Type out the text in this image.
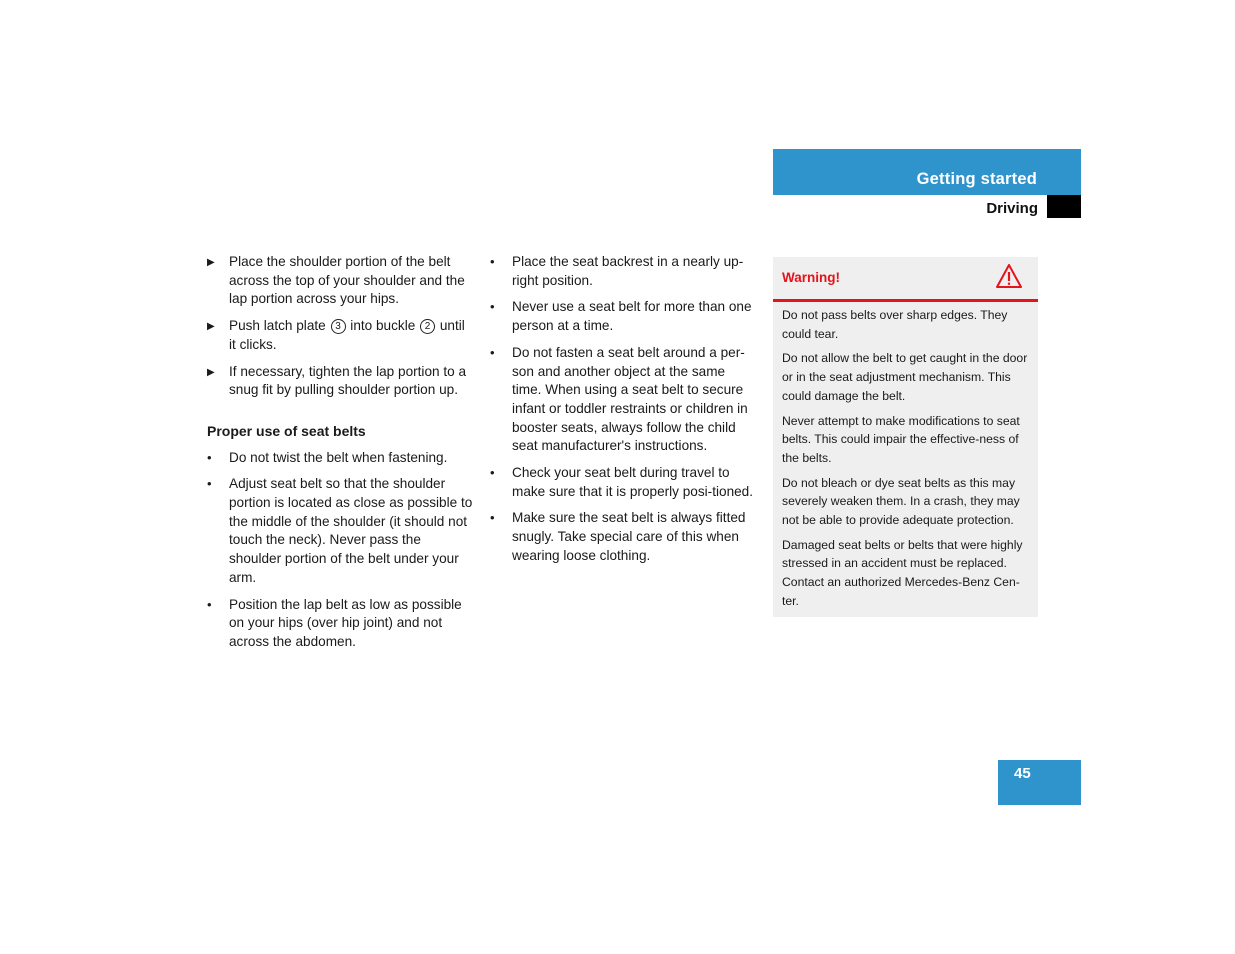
Getting started
Driving
▶	Place the shoulder portion of the belt across the top of your shoulder and the lap portion across your hips.
▶	Push latch plate 3 into buckle 2 until it clicks.
▶	If necessary, tighten the lap portion to a snug fit by pulling shoulder portion up.
Proper use of seat belts
•	Do not twist the belt when fastening.
•	Adjust seat belt so that the shoulder portion is located as close as possible to the middle of the shoulder (it should not touch the neck). Never pass the shoulder portion of the belt under your arm.
•	Position the lap belt as low as possible on your hips (over hip joint) and not across the abdomen.
•	Place the seat backrest in a nearly up-right position.
•	Never use a seat belt for more than one person at a time.
•	Do not fasten a seat belt around a per-son and another object at the same time. When using a seat belt to secure infant or toddler restraints or children in booster seats, always follow the child seat manufacturer's instructions.
•	Check your seat belt during travel to make sure that it is properly posi-tioned.
•	Make sure the seat belt is always fitted snugly. Take special care of this when wearing loose clothing.
Warning!

Do not pass belts over sharp edges. They could tear.

Do not allow the belt to get caught in the door or in the seat adjustment mechanism. This could damage the belt.

Never attempt to make modifications to seat belts. This could impair the effective-ness of the belts.

Do not bleach or dye seat belts as this may severely weaken them. In a crash, they may not be able to provide adequate protection.

Damaged seat belts or belts that were highly stressed in an accident must be replaced. Contact an authorized Mercedes-Benz Cen-ter.

45
